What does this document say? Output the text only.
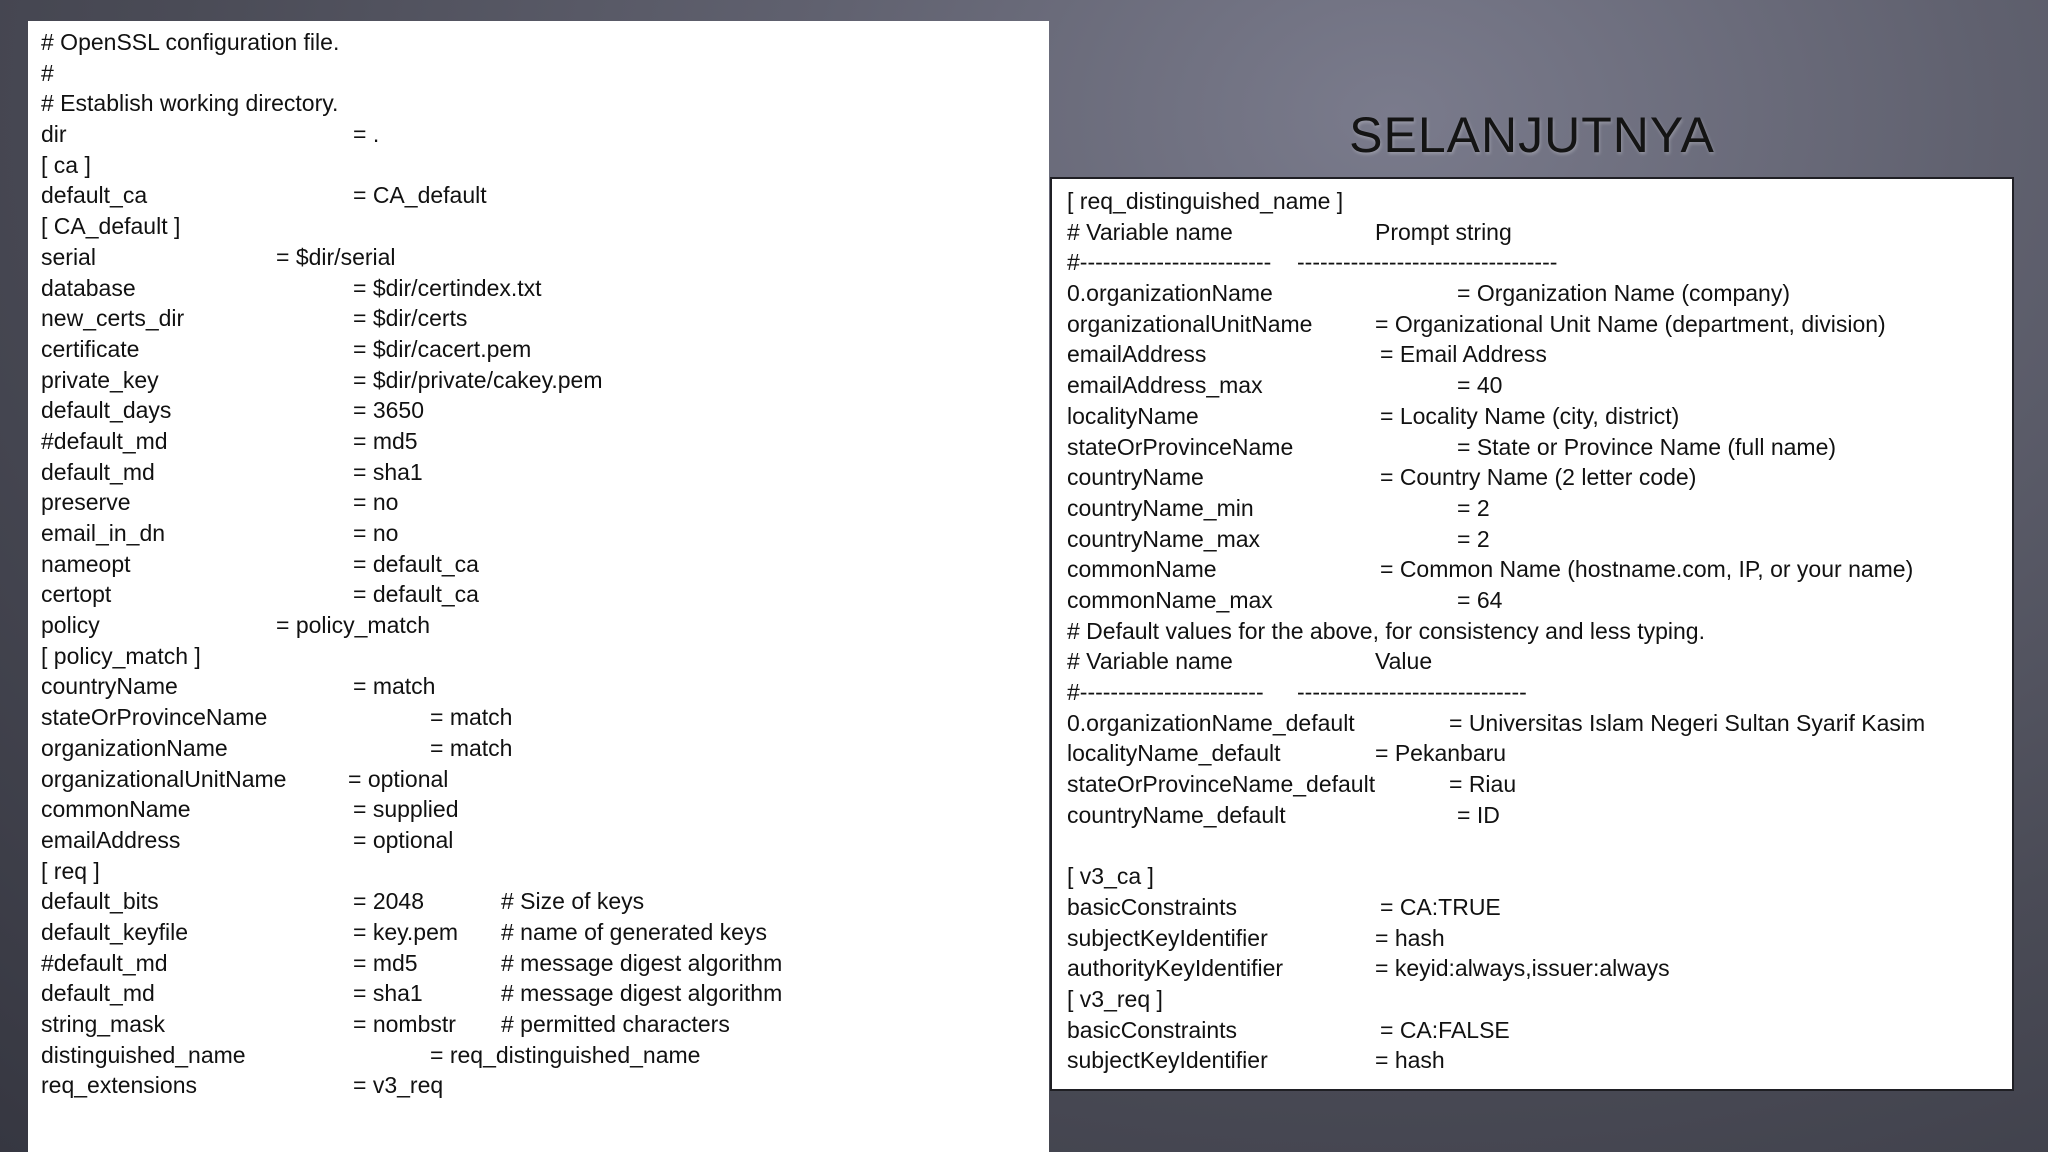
SELANJUTNYA
# OpenSSL configuration file.
#
# Establish working directory.
dir	= .
[ ca ]
default_ca	= CA_default
[ CA_default ]
serial	= $dir/serial
database	= $dir/certindex.txt
new_certs_dir	= $dir/certs
certificate	= $dir/cacert.pem
private_key	= $dir/private/cakey.pem
default_days	= 3650
#default_md	= md5
default_md	= sha1
preserve	= no
email_in_dn	= no
nameopt	= default_ca
certopt	= default_ca
policy	= policy_match
[ policy_match ]
countryName	= match
stateOrProvinceName	= match
organizationName	= match
organizationalUnitName	= optional
commonName	= supplied
emailAddress	= optional
[ req ]
default_bits	= 2048	# Size of keys
default_keyfile	= key.pem # name of generated keys
#default_md	= md5	# message digest algorithm
default_md	= sha1	# message digest algorithm
string_mask	= nombstr # permitted characters
distinguished_name	= req_distinguished_name
req_extensions	= v3_req
[ req_distinguished_name ]
# Variable name	Prompt string
#------------------------- ----------------------------------
0.organizationName	= Organization Name (company)
organizationalUnitName	= Organizational Unit Name (department, division)
emailAddress	= Email Address
emailAddress_max	= 40
localityName	= Locality Name (city, district)
stateOrProvinceName	= State or Province Name (full name)
countryName	= Country Name (2 letter code)
countryName_min	= 2
countryName_max	= 2
commonName	= Common Name (hostname.com, IP, or your name)
commonName_max	= 64
# Default values for the above, for consistency and less typing.
# Variable name	Value
#------------------------ ------------------------------
0.organizationName_default	= Universitas Islam Negeri Sultan Syarif Kasim
localityName_default	= Pekanbaru
stateOrProvinceName_default	= Riau
countryName_default	= ID
[ v3_ca ]
basicConstraints	= CA:TRUE
subjectKeyIdentifier	= hash
authorityKeyIdentifier	= keyid:always,issuer:always
[ v3_req ]
basicConstraints	= CA:FALSE
subjectKeyIdentifier	= hash
